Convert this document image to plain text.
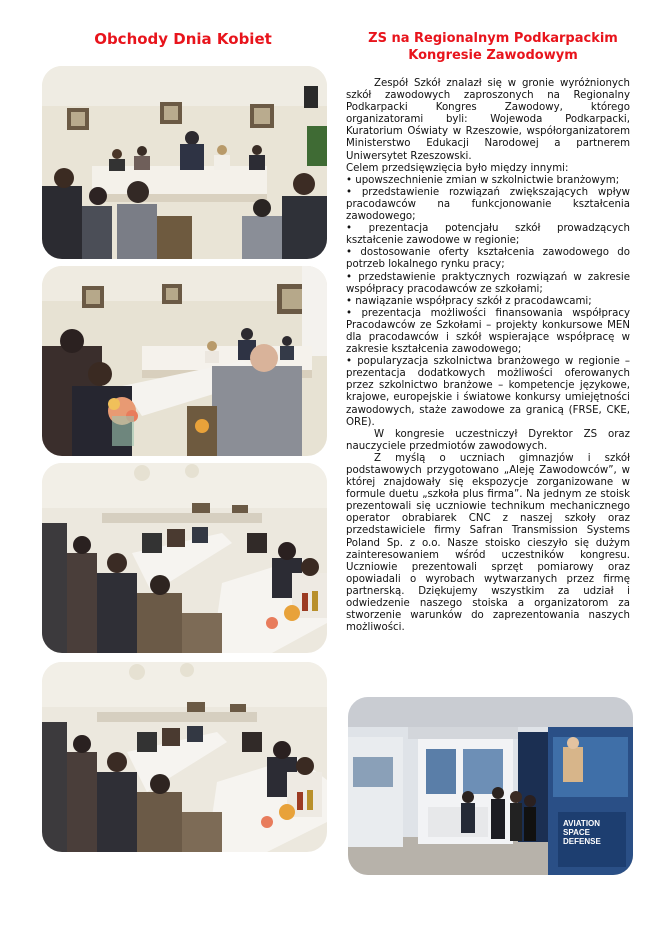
Obchody Dnia Kobiet	ZS na Regionalnym Podkarpackim
Kongresie Zawodowym

Zespół Szkół znalazł się w gronie wyróżnionych szkół zawodowych zaproszonych na Regionalny Podkarpacki Kongres Zawodowy, którego organizatorami byli: Wojewoda Podkarpacki, Kuratorium Oświaty w Rzeszowie, współorganizatorem Ministerstwo Edukacji Narodowej a partnerem Uniwersytet Rzeszowski.

Celem przedsięwzięcia było między innymi:

• upowszechnienie zmian w szkolnictwie branżowym;

• przedstawienie rozwiązań zwiększających wpływ pracodawców na funkcjonowanie kształcenia zawodowego;

• prezentacja potencjału szkół prowadzących kształcenie zawodowe w regionie;

• dostosowanie oferty kształcenia zawodowego do potrzeb lokalnego rynku pracy;

• przedstawienie praktycznych rozwiązań w zakresie współpracy pracodawców ze szkołami;

• nawiązanie współpracy szkół z pracodawcami;

• prezentacja możliwości finansowania współpracy Pracodawców ze Szkołami – projekty konkursowe MEN dla pracodawców i szkół wspierające współpracę w zakresie kształcenia zawodowego;

• popularyzacja szkolnictwa branżowego w regionie – prezentacja dodatkowych możliwości oferowanych przez szkolnictwo branżowe – kompetencje językowe, krajowe, europejskie i światowe konkursy umiejętności zawodowych, staże zawodowe za granicą (FRSE, CKE, ORE).

W kongresie uczestniczył Dyrektor ZS oraz nauczyciele przedmiotów zawodowych.

Z myślą o uczniach gimnazjów i szkół podstawowych przygotowano „Aleję Zawodowców”, w której znajdowały się ekspozycje zorganizowane w formule duetu „szkoła plus firma”. Na jednym ze stoisk prezentowali się uczniowie technikum mechanicznego operator obrabiarek CNC z naszej szkoły oraz przedstawiciele firmy Safran Transmission Systems Poland Sp. z o.o. Nasze stoisko cieszyło się dużym zainteresowaniem wśród uczestników kongresu. Uczniowie prezentowali sprzęt pomiarowy oraz opowiadali o wyrobach wytwarzanych przez firmę partnerską. Dziękujemy wszystkim za udział i odwiedzenie naszego stoiska a organizatorom za stworzenie warunków do zaprezentowania naszych możliwości.

AVIATION SPACE DEFENSE
